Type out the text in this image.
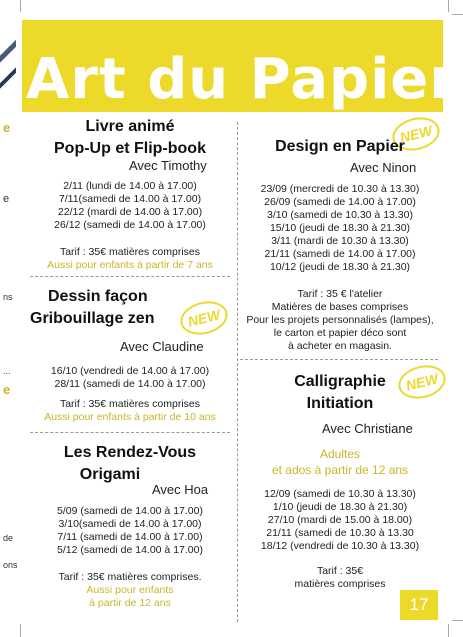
e
e
ns
...
e
de
ons
Art du Papier
Livre animé
Pop-Up et Flip-book
Avec Timothy
2/11 (lundi de 14.00 à 17.00)
7/11(samedi de 14.00 à 17.00)
22/12 (mardi de 14.00 à 17.00)
26/12 (samedi de 14.00 à 17.00)
Tarif : 35€ matières comprises
Aussi pour enfants à partir de 7 ans
Dessin façon
Gribouillage zen	NEW
Avec Claudine
16/10 (vendredi de 14.00 à 17.00)
28/11 (samedi de 14.00 à 17.00)
Tarif : 35€ matières comprises
Aussi pour enfants à partir de 10 ans
Les Rendez-Vous
Origami
Avec Hoa
5/09 (samedi de 14.00 à 17.00)
3/10(samedi de 14.00 à 17.00)
7/11 (samedi de 14.00 à 17.00)
5/12 (samedi de 14.00 à 17.00)
Tarif : 35€ matières comprises.
Aussi pour enfants
à partir de 12 ans
NEW
Design en Papier
Avec Ninon
23/09 (mercredi de 10.30 à 13.30)
26/09 (samedi de 14.00 à 17.00)
3/10 (samedi de 10.30 à 13.30)
15/10 (jeudi de 18.30 à 21.30)
3/11 (mardi de 10.30 à 13.30)
21/11 (samedi de 14.00 à 17.00)
10/12 (jeudi de 18.30 à 21.30)
Tarif : 35 € l'atelier
Matières de bases comprises
Pour les projets personnalisés (lampes),
le carton et papier déco sont
à acheter en magasin.
Calligraphie
Initiation
NEW
Avec Christiane
Adultes
et ados à partir de 12 ans
12/09 (samedi de 10.30 à 13.30)
1/10 (jeudi de 18.30 à 21.30)
27/10 (mardi de 15.00 à 18.00)
21/11 (samedi de 10.30 à 13.30
18/12 (vendredi de 10.30 à 13.30)
Tarif : 35€
matières comprises
17
